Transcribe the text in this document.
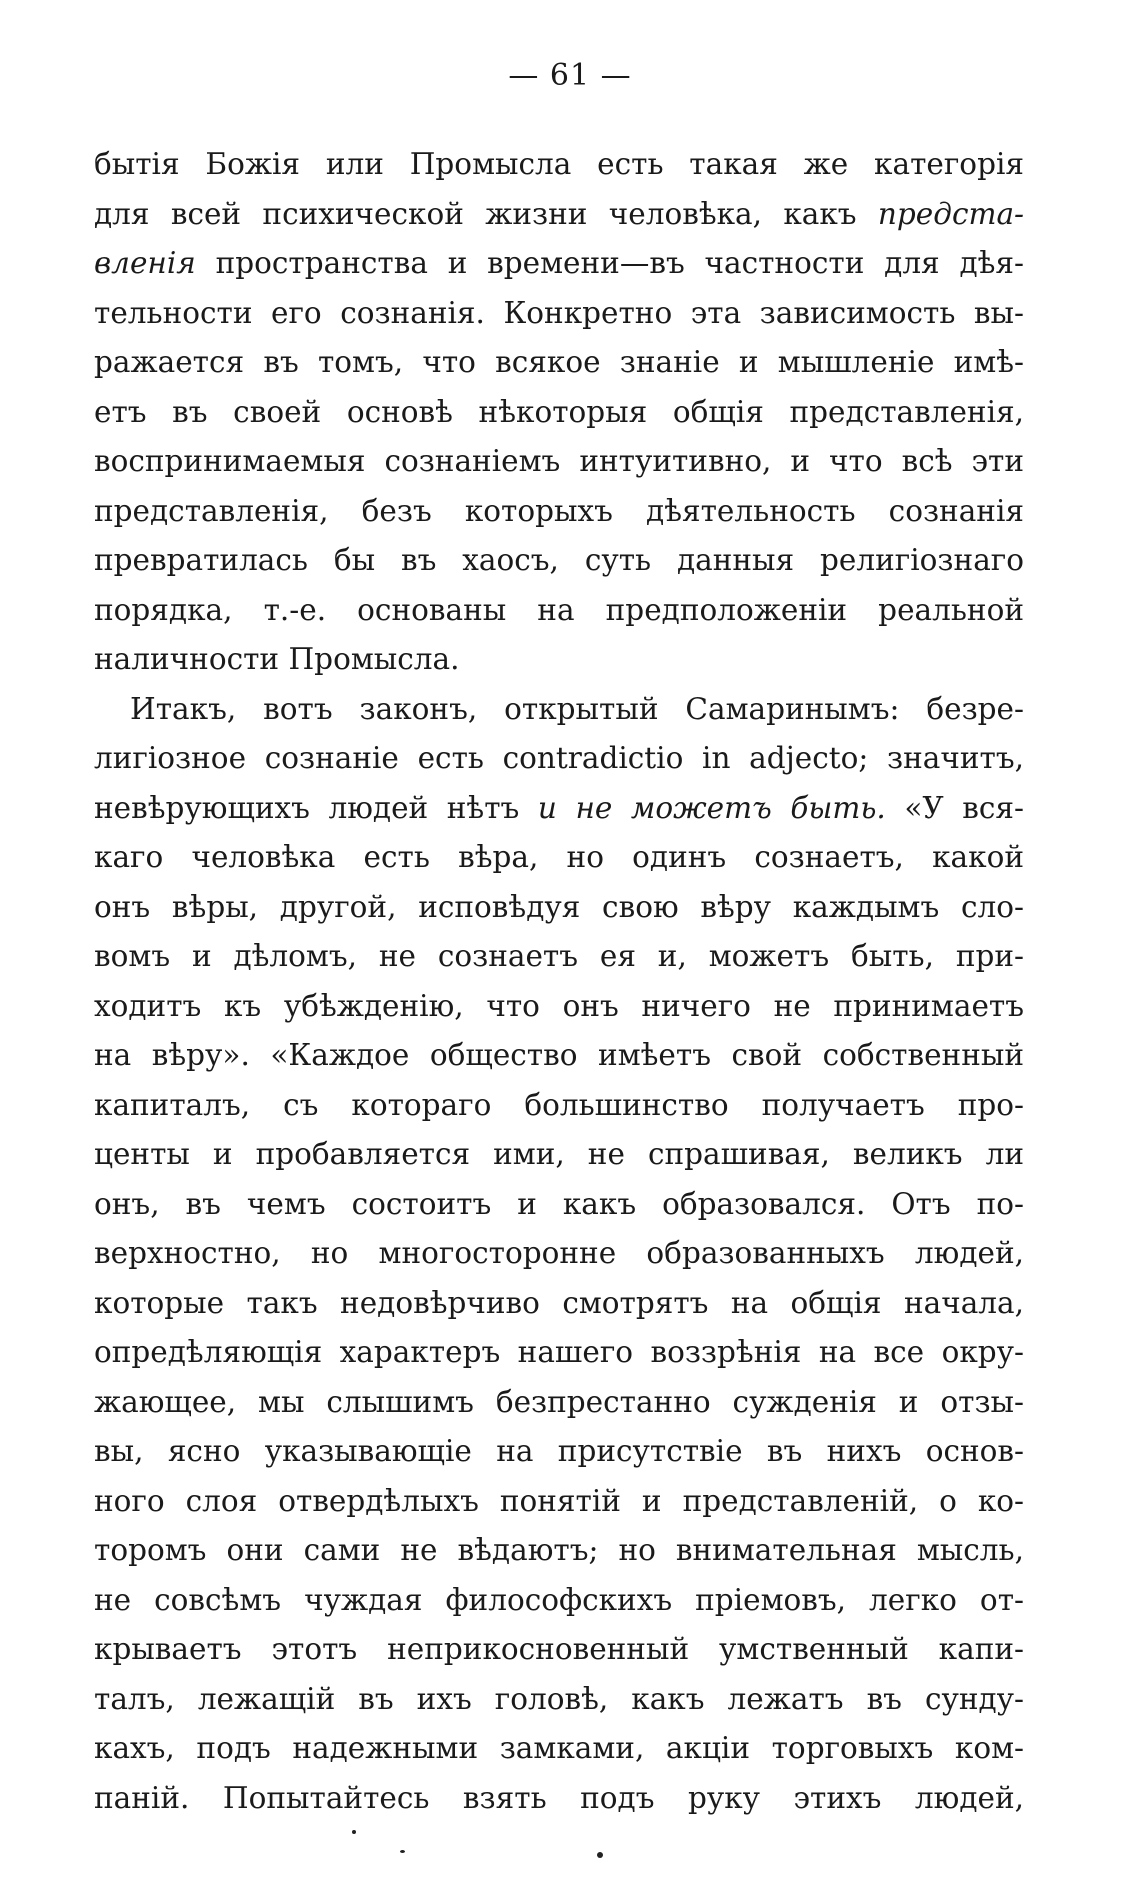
— 61 —
бытія Божія или Промысла есть такая же категорія
для всей психической жизни человѣка, какъ предста-
вленія пространства и времени—въ частности для дѣя-
тельности его сознанія. Конкретно эта зависимость вы-
ражается въ томъ, что всякое знаніе и мышленіе имѣ-
етъ въ своей основѣ нѣкоторыя общія представленія,
воспринимаемыя сознаніемъ интуитивно, и что всѣ эти
представленія, безъ которыхъ дѣятельность сознанія
превратилась бы въ хаосъ, суть данныя религіознаго
порядка, т.-е. основаны на предположеніи реальной
наличности Промысла.
Итакъ, вотъ законъ, открытый Самаринымъ: безре-
лигіозное сознаніе есть contradictio in adjecto; значитъ,
невѣрующихъ людей нѣтъ и не можетъ быть. «У вся-
каго человѣка есть вѣра, но одинъ сознаетъ, какой
онъ вѣры, другой, исповѣдуя свою вѣру каждымъ сло-
вомъ и дѣломъ, не сознаетъ ея и, можетъ быть, при-
ходитъ къ убѣжденію, что онъ ничего не принимаетъ
на вѣру». «Каждое общество имѣетъ свой собственный
капиталъ, съ котораго большинство получаетъ про-
центы и пробавляется ими, не спрашивая, великъ ли
онъ, въ чемъ состоитъ и какъ образовался. Отъ по-
верхностно, но многосторонне образованныхъ людей,
которые такъ недовѣрчиво смотрятъ на общія начала,
опредѣляющія характеръ нашего воззрѣнія на все окру-
жающее, мы слышимъ безпрестанно сужденія и отзы-
вы, ясно указывающіе на присутствіе въ нихъ основ-
ного слоя отвердѣлыхъ понятій и представленій, о ко-
торомъ они сами не вѣдаютъ; но внимательная мысль,
не совсѣмъ чуждая философскихъ пріемовъ, легко от-
крываетъ этотъ неприкосновенный умственный капи-
талъ, лежащій въ ихъ головѣ, какъ лежатъ въ сунду-
кахъ, подъ надежными замками, акціи торговыхъ ком-
паній. Попытайтесь взять подъ руку этихъ людей,
